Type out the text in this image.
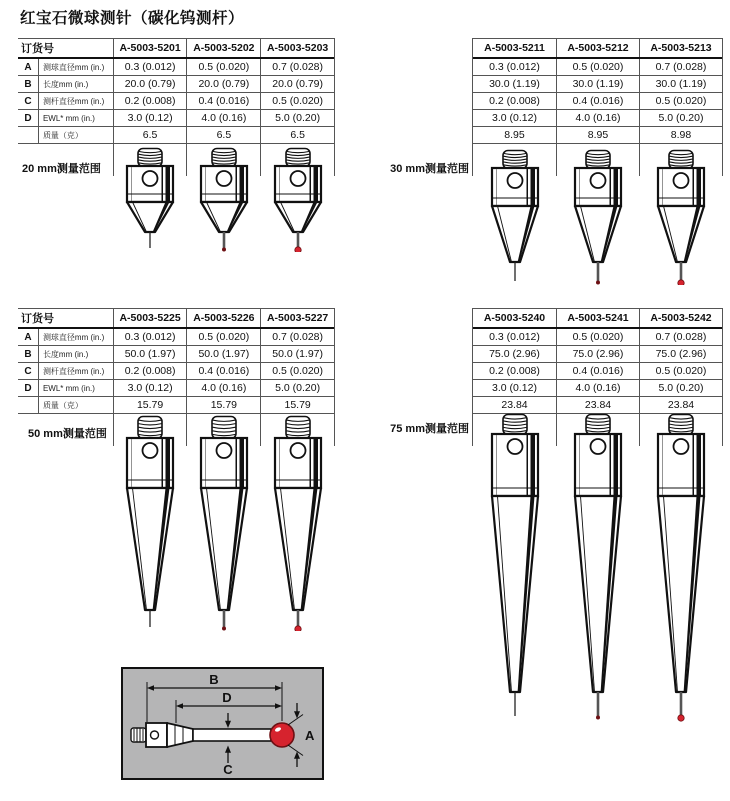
红宝石微球测针（碳化钨测杆）
订货号	A-5003-5201	A-5003-5202	A-5003-5203
A	测球直径mm (in.)	0.3 (0.012)	0.5 (0.020)	0.7 (0.028)
B	长度mm (in.)	20.0 (0.79)	20.0 (0.79)	20.0 (0.79)
C	测杆直径mm (in.)	0.2 (0.008)	0.4 (0.016)	0.5 (0.020)
D	EWL* mm (in.)	3.0 (0.12)	4.0 (0.16)	5.0 (0.20)
质量（克）	6.5	6.5	6.5
A-5003-5211	A-5003-5212	A-5003-5213
0.3 (0.012)	0.5 (0.020)	0.7 (0.028)
30.0 (1.19)	30.0 (1.19)	30.0 (1.19)
0.2 (0.008)	0.4 (0.016)	0.5 (0.020)
3.0 (0.12)	4.0 (0.16)	5.0 (0.20)
8.95	8.95	8.98
订货号	A-5003-5225	A-5003-5226	A-5003-5227
A	测球直径mm (in.)	0.3 (0.012)	0.5 (0.020)	0.7 (0.028)
B	长度mm (in.)	50.0 (1.97)	50.0 (1.97)	50.0 (1.97)
C	测杆直径mm (in.)	0.2 (0.008)	0.4 (0.016)	0.5 (0.020)
D	EWL* mm (in.)	3.0 (0.12)	4.0 (0.16)	5.0 (0.20)
质量（克）	15.79	15.79	15.79
A-5003-5240	A-5003-5241	A-5003-5242
0.3 (0.012)	0.5 (0.020)	0.7 (0.028)
75.0 (2.96)	75.0 (2.96)	75.0 (2.96)
0.2 (0.008)	0.4 (0.016)	0.5 (0.020)
3.0 (0.12)	4.0 (0.16)	5.0 (0.20)
23.84	23.84	23.84
20 mm测量范围	30 mm测量范围
50 mm测量范围	75 mm测量范围
B
D
C
A
